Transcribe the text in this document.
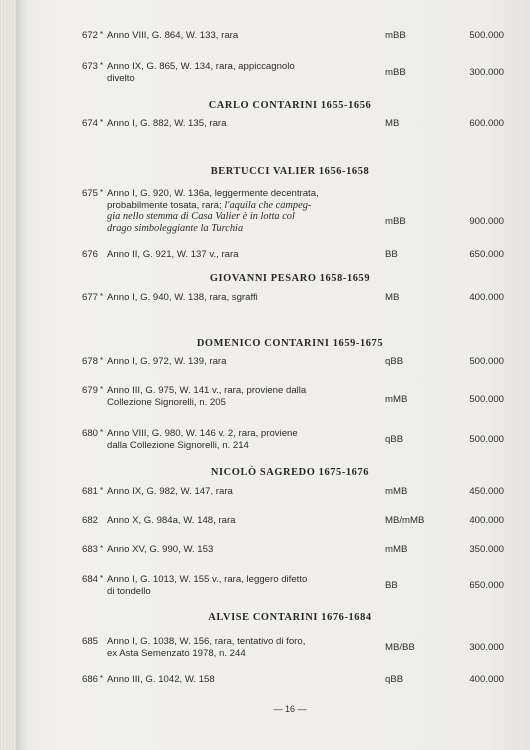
CARLO CONTARINI 1655-1656
BERTUCCI VALIER 1656-1658
GIOVANNI PESARO 1658-1659
DOMENICO CONTARINI 1659-1675
NICOLÒ SAGREDO 1675-1676
ALVISE CONTARINI 1676-1684
672 * Anno VIII, G. 864, W. 133, rara	mBB	500.000
673 * Anno IX, G. 865, W. 134, rara, appiccagnolo
divelto	mBB	300.000
674 * Anno I, G. 882, W. 135, rara	MB	600.000
675 * Anno I, G. 920, W. 136a, leggermente decentrata,
probabilmente tosata, rara; l'aquila che campeg-
gia nello stemma di Casa Valier è in lotta col
drago simboleggiante la Turchia
mBB	900.000
676 Anno II, G. 921, W. 137 v., rara	BB	650.000
677 * Anno I, G. 940, W. 138, rara, sgraffi	MB	400.000
678 * Anno I, G. 972, W. 139, rara	qBB	500.000
679 * Anno III, G. 975, W. 141 v., rara, proviene dalla
Collezione Signorelli, n. 205	mMB	500.000
680 * Anno VIII, G. 980, W. 146 v. 2, rara, proviene
dalla Collezione Signorelli, n. 214	qBB	500.000
681 * Anno IX, G. 982, W. 147, rara	mMB	450.000
682 Anno X, G. 984a, W. 148, rara	MB/mMB	400.000
683 * Anno XV, G. 990, W. 153	mMB	350.000
684 * Anno I, G. 1013, W. 155 v., rara, leggero difetto
di tondello	BB	650.000
685 Anno I, G. 1038, W. 156, rara, tentativo di foro,
ex Asta Semenzato 1978, n. 244	MB/BB	300.000
686 * Anno III, G. 1042, W. 158	qBB	400.000
— 16 —
